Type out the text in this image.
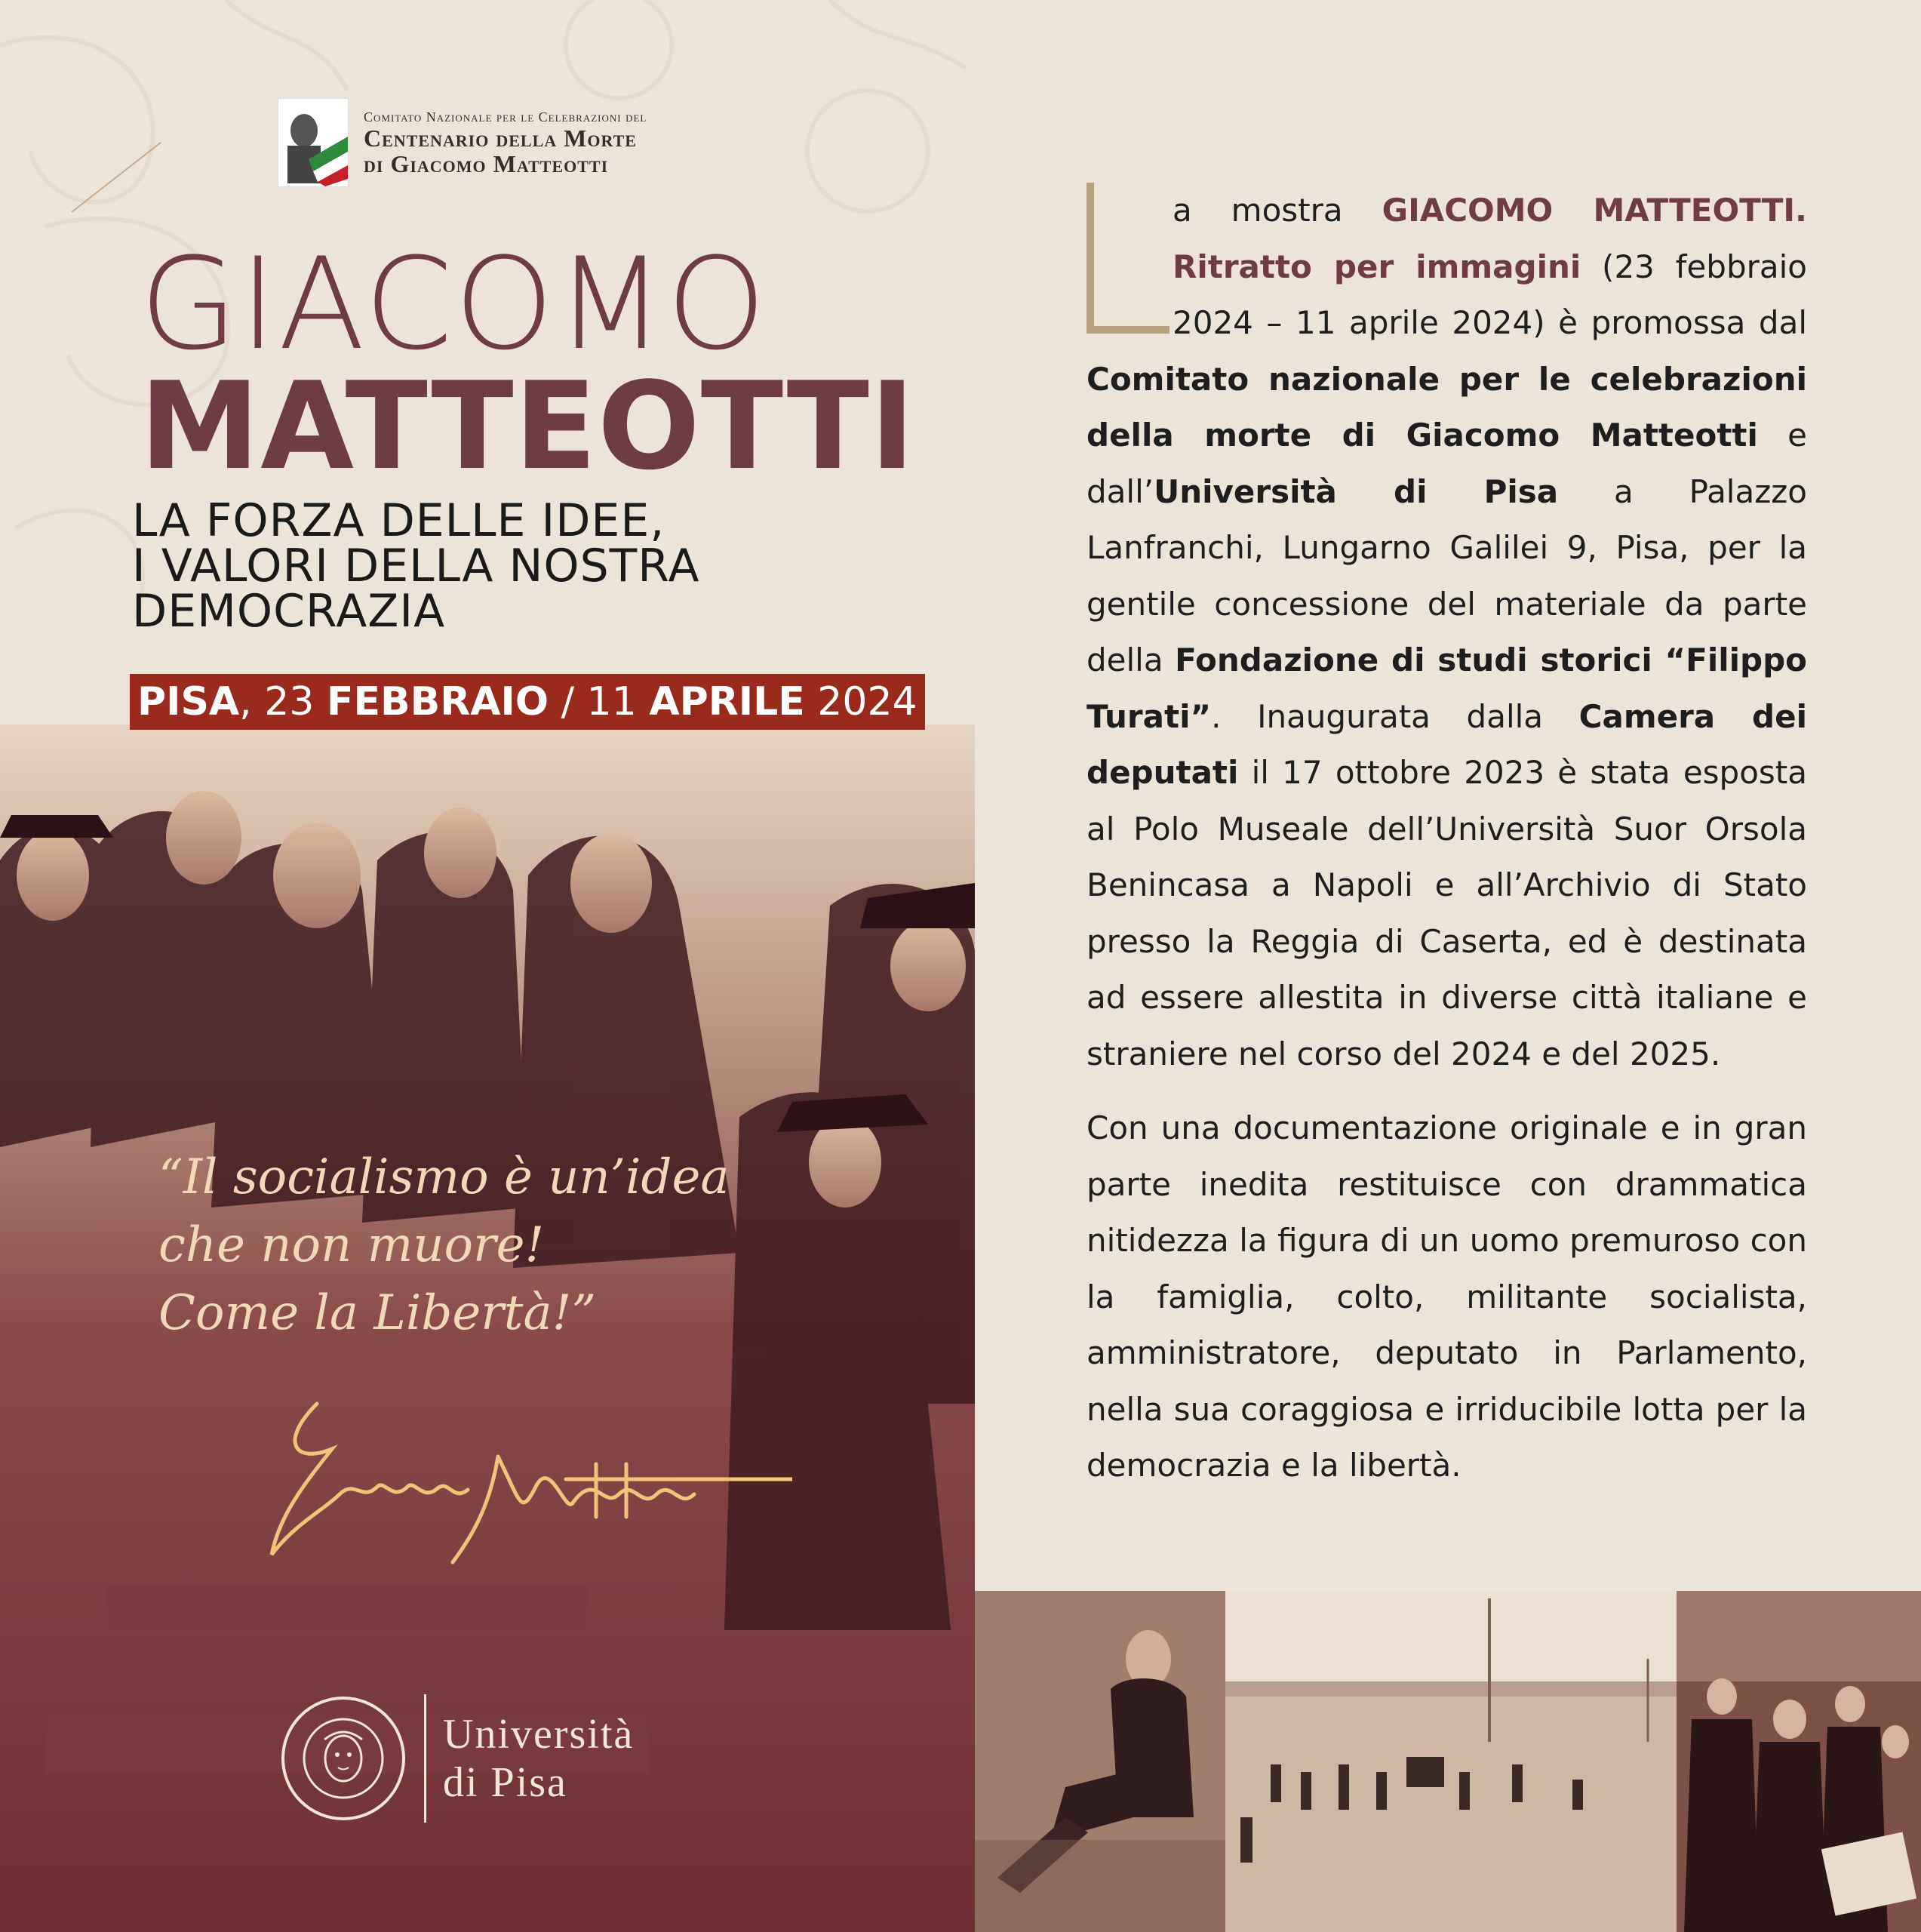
Comitato Nazionale per le Celebrazioni del
Centenario della Morte
di Giacomo Matteotti
GIACOMO
MATTEOTTI
LA FORZA DELLE IDEE,
I VALORI DELLA NOSTRA
DEMOCRAZIA
PISA, 23 FEBBRAIO / 11 APRILE 2024
“Il socialismo è un’idea
che non muore!
Come la Libertà!”
Università
di Pisa

a mostra GIACOMO MATTEOTTI. Ritratto per immagini (23 febbraio 2024 – 11 aprile 2024) è promossa dal Comitato nazionale per le celebrazioni della morte di Giacomo Matteotti e dall’Università di Pisa a Palazzo Lanfranchi, Lungarno Galilei 9, Pisa, per la gentile concessione del materiale da parte della Fondazione di studi storici “Filippo Turati”. Inaugurata dalla Camera dei deputati il 17 ottobre 2023 è stata esposta al Polo Museale dell’Università Suor Orsola Benincasa a Napoli e all’Archivio di Stato presso la Reggia di Caserta, ed è destinata ad essere allestita in diverse città italiane e straniere nel corso del 2024 e del 2025.

Con una documentazione originale e in gran parte inedita restituisce con drammatica nitidezza la figura di un uomo premuroso con la famiglia, colto, militante socialista, amministratore, deputato in Parlamento, nella sua coraggiosa e irriducibile lotta per la democrazia e la libertà.
